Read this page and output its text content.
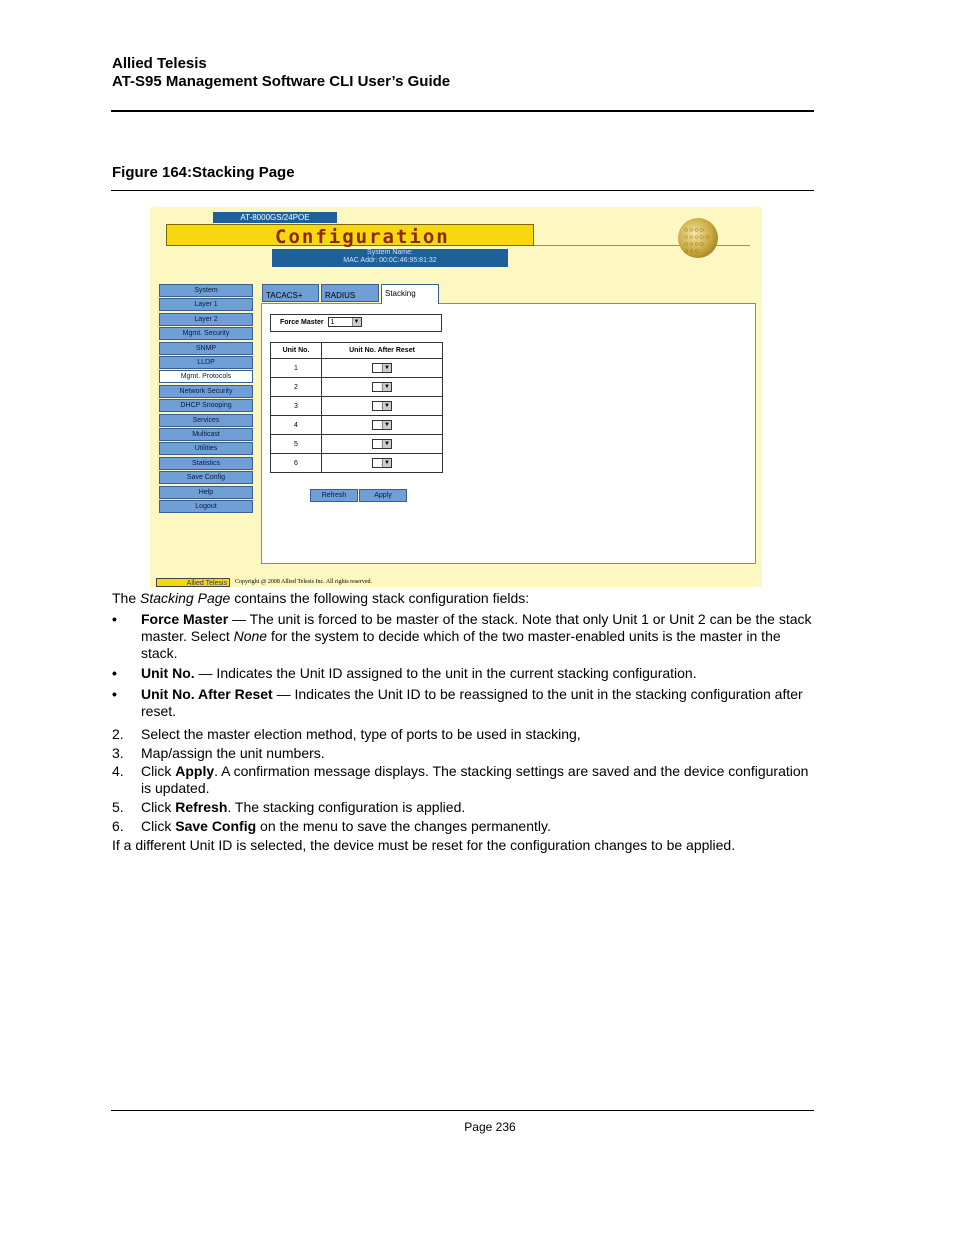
Allied Telesis
AT-S95 Management Software CLI User’s Guide
Figure 164:Stacking Page
AT-8000GS/24POE
Configuration
System Name:
MAC Addr: 00:0C:46:95:81:32
○○○○
○○○○○
○○○○
○○○
System
Layer 1
Layer 2
Mgmt. Security
SNMP
LLDP
Mgmt. Protocols
Network Security
DHCP Snooping
Services
Multicast
Utilities
Statistics
Save Config
Help
Logout
TACACS+	RADIUS	Stacking
Force Master 1	▼
Unit No.	Unit No. After Reset
1	▼

2	▼

3	▼

4	▼

5	▼

6	▼
Refresh	Apply
Allied Telesis	Copyright @ 2008 Allied Telesis Inc. All rights reserved.
The Stacking Page contains the following stack configuration fields:
• Force Master — The unit is forced to be master of the stack. Note that only Unit 1 or Unit 2 can be the stack master. Select None for the system to decide which of the two master-enabled units is the master in the stack.
• Unit No. — Indicates the Unit ID assigned to the unit in the current stacking configuration.
• Unit No. After Reset — Indicates the Unit ID to be reassigned to the unit in the stacking configuration after reset.
2. Select the master election method, type of ports to be used in stacking,
3. Map/assign the unit numbers.
4. Click Apply. A confirmation message displays. The stacking settings are saved and the device configuration is updated.
5. Click Refresh. The stacking configuration is applied.
6. Click Save Config on the menu to save the changes permanently.
If a different Unit ID is selected, the device must be reset for the configuration changes to be applied.
Page 236
